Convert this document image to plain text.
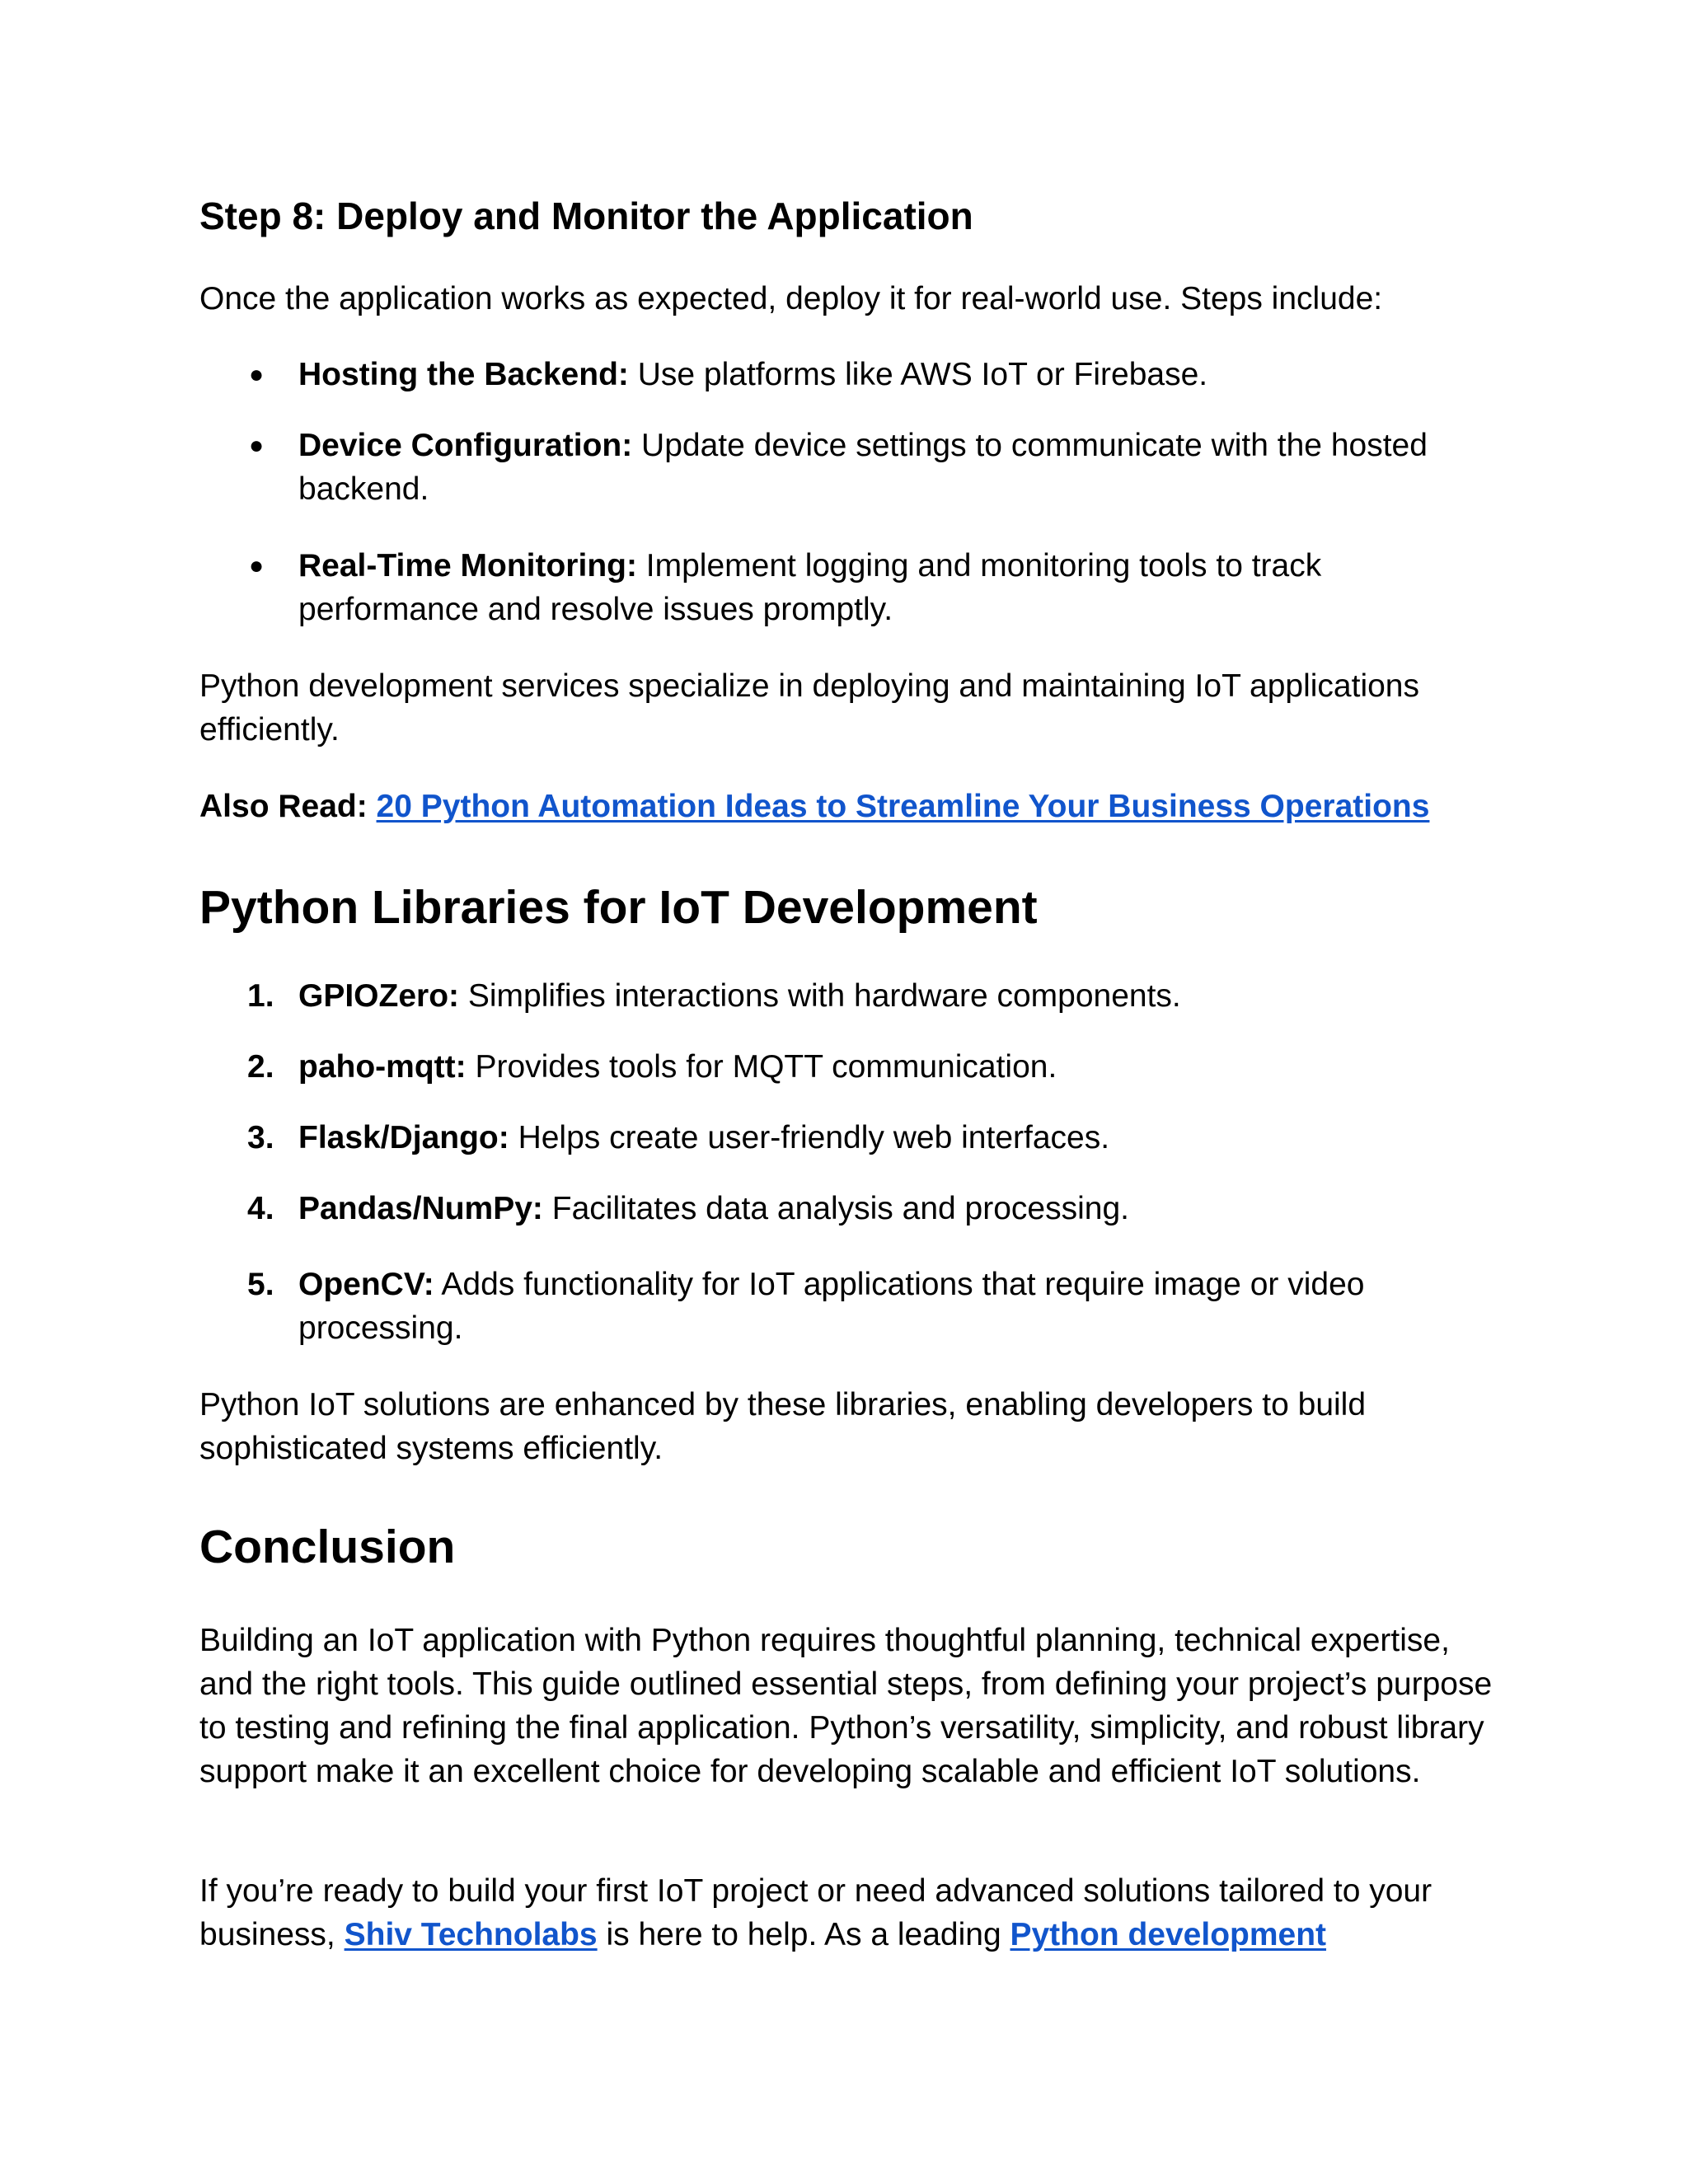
Step 8: Deploy and Monitor the Application

Once the application works as expected, deploy it for real-world use. Steps include:

●	Hosting the Backend: Use platforms like AWS IoT or Firebase.
●	Device Configuration: Update device settings to communicate with the hosted backend.
●	Real-Time Monitoring: Implement logging and monitoring tools to track performance and resolve issues promptly.

Python development services specialize in deploying and maintaining IoT applications efficiently.

Also Read: 20 Python Automation Ideas to Streamline Your Business Operations

Python Libraries for IoT Development
1. GPIOZero: Simplifies interactions with hardware components.
2. paho-mqtt: Provides tools for MQTT communication.
3. Flask/Django: Helps create user-friendly web interfaces.
4. Pandas/NumPy: Facilitates data analysis and processing.
5. OpenCV: Adds functionality for IoT applications that require image or video processing.

Python IoT solutions are enhanced by these libraries, enabling developers to build sophisticated systems efficiently.

Conclusion

Building an IoT application with Python requires thoughtful planning, technical expertise, and the right tools. This guide outlined essential steps, from defining your project’s purpose to testing and refining the final application. Python’s versatility, simplicity, and robust library support make it an excellent choice for developing scalable and efficient IoT solutions.

If you’re ready to build your first IoT project or need advanced solutions tailored to your business, Shiv Technolabs is here to help. As a leading Python development
